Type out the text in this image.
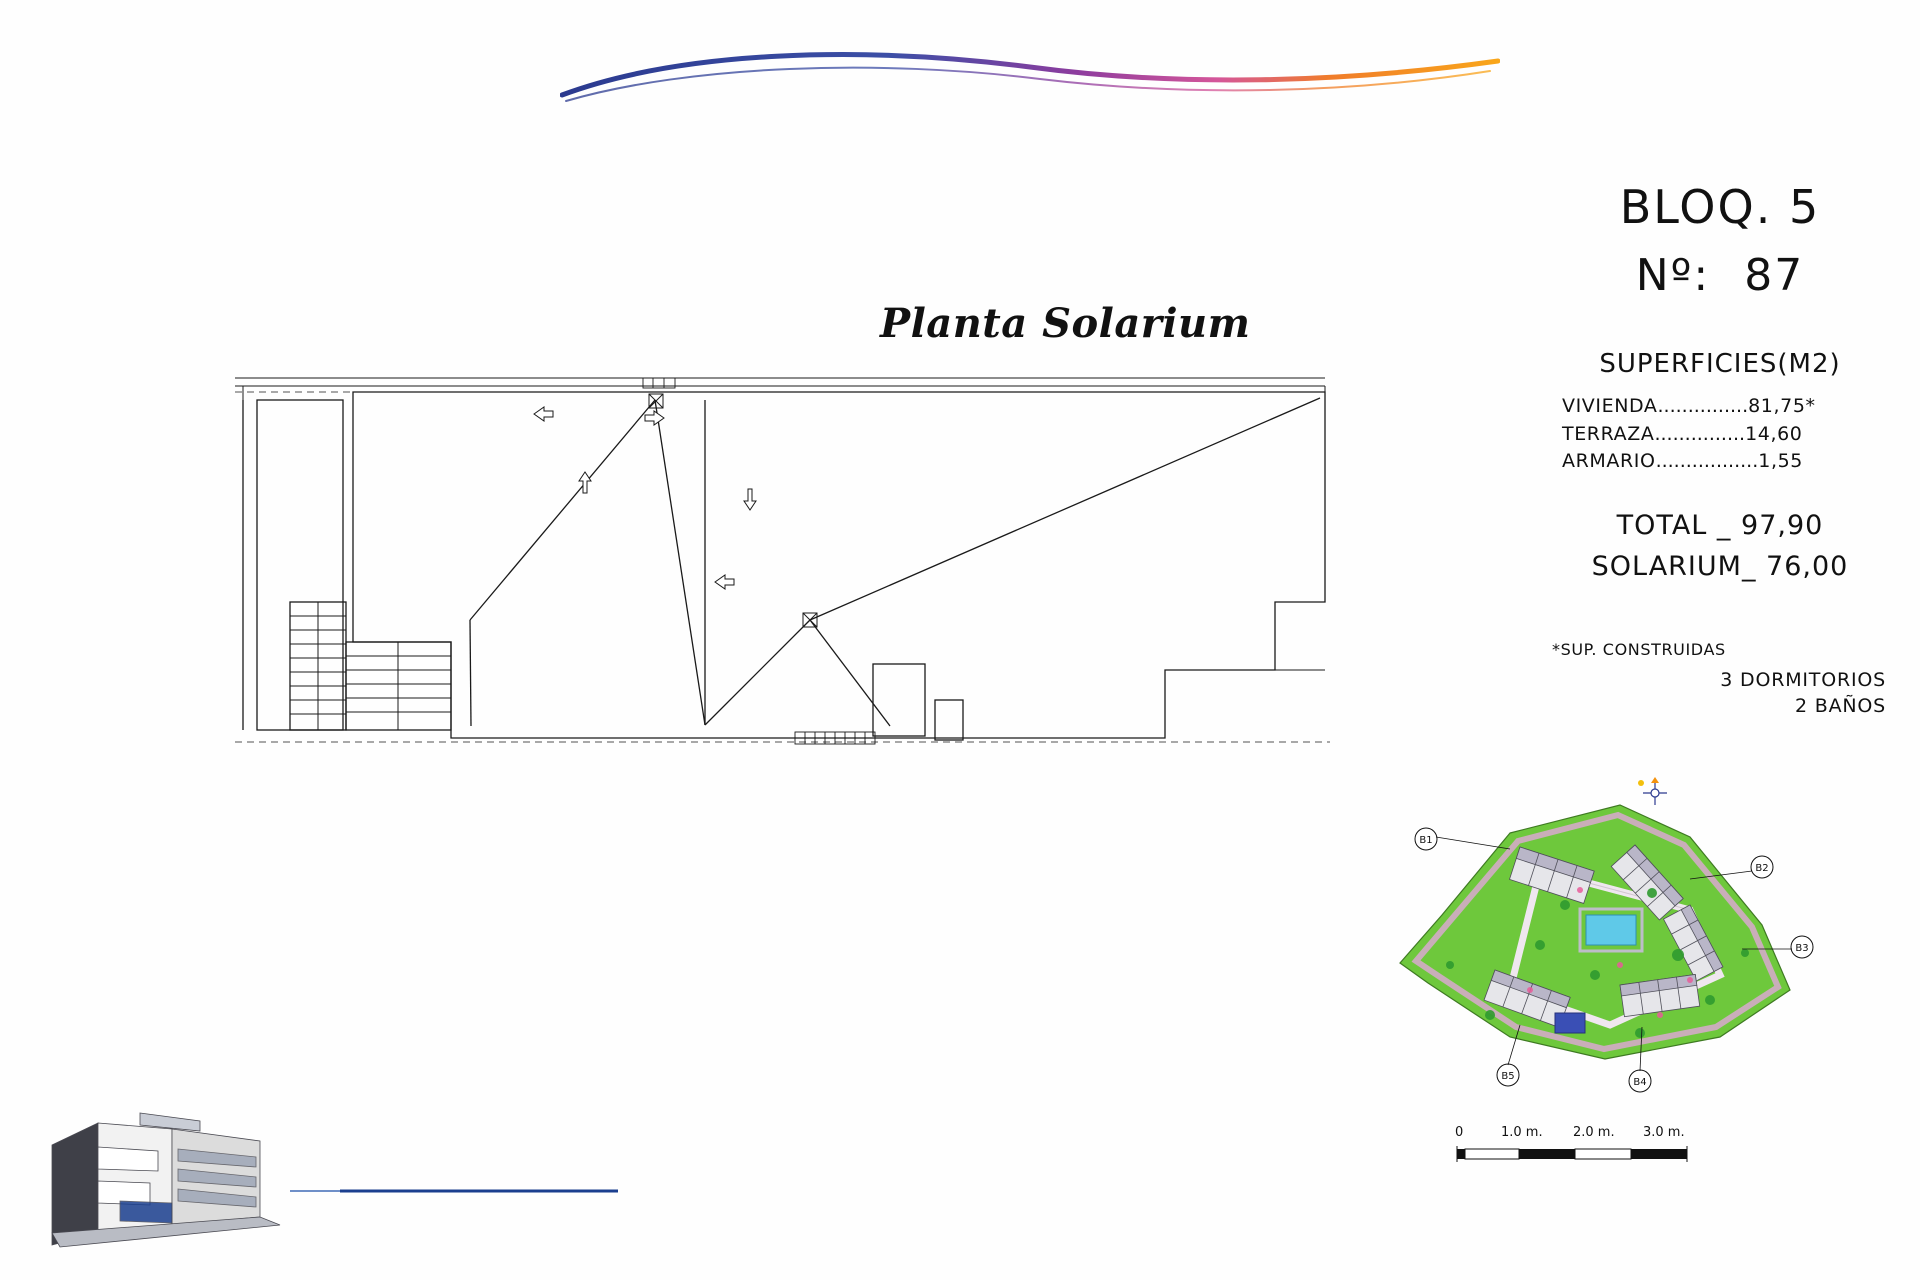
Planta Solarium
BLOQ. 5
Nº: 87
SUPERFICIES(M2)
VIVIENDA...............81,75*
TERRAZA...............14,60
ARMARIO.................1,55
TOTAL _ 97,90
SOLARIUM_ 76,00
*SUP. CONSTRUIDAS
3 DORMITORIOS
2 BAÑOS
B1
B2
B3
B4
B5
0	1.0 m. 2.0 m. 3.0 m.
